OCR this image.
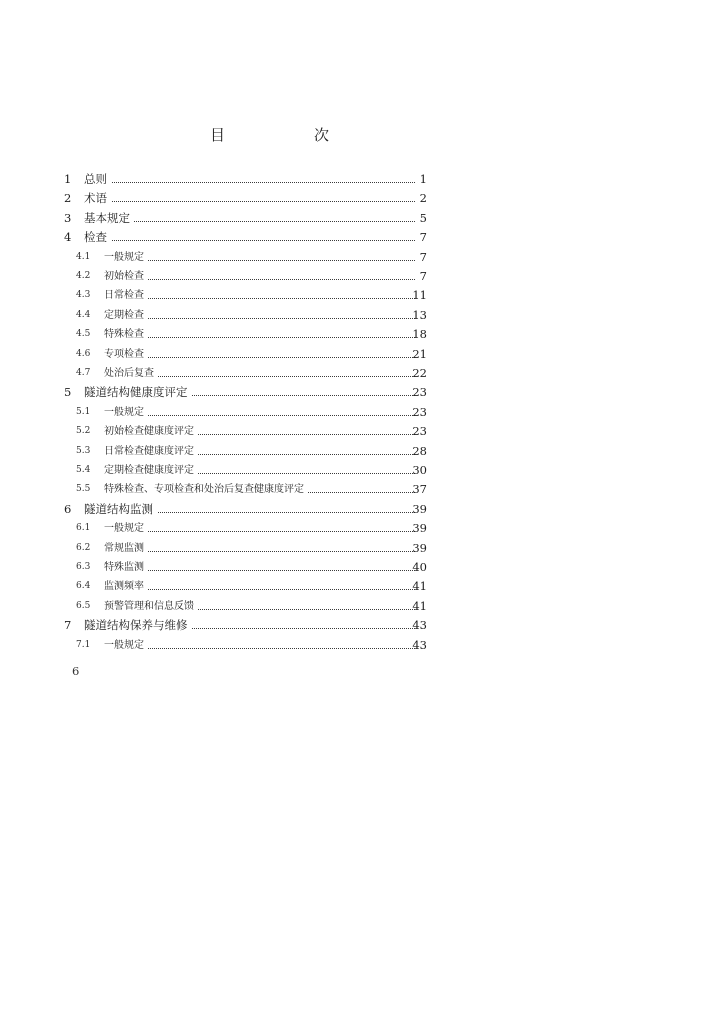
目　次
1 总则	1
2 术语	2
3 基本规定	5
4 检查	7
4.1 一般规定	7
4.2 初始检查	7
4.3 日常检查	11
4.4 定期检查	13
4.5 特殊检查	18
4.6 专项检查	21
4.7 处治后复查	22
5 隧道结构健康度评定	23
5.1 一般规定	23
5.2 初始检查健康度评定	23
5.3 日常检查健康度评定	28
5.4 定期检查健康度评定	30
5.5 特殊检查、专项检查和处治后复查健康度评定	37
6 隧道结构监测	39
6.1 一般规定	39
6.2 常规监测	39
6.3 特殊监测	40
6.4 监测频率	41
6.5 预警管理和信息反馈	41
7 隧道结构保养与维修	43
7.1 一般规定	43
6
